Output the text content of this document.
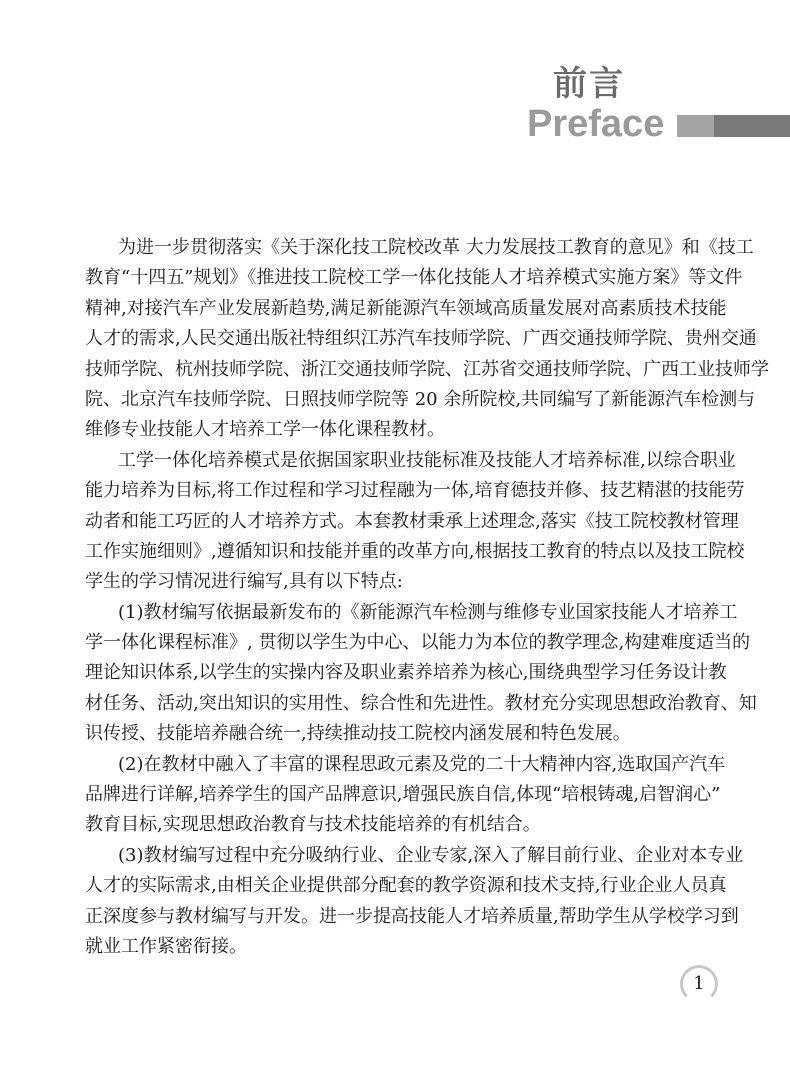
前言
Preface
为进一步贯彻落实《关于深化技工院校改革 大力发展技工教育的意见》和《技工
教育“十四五”规划》《推进技工院校工学一体化技能人才培养模式实施方案》等文件
精神,对接汽车产业发展新趋势,满足新能源汽车领域高质量发展对高素质技术技能
人才的需求,人民交通出版社特组织江苏汽车技师学院、广西交通技师学院、贵州交通
技师学院、杭州技师学院、浙江交通技师学院、江苏省交通技师学院、广西工业技师学
院、北京汽车技师学院、日照技师学院等 20 余所院校,共同编写了新能源汽车检测与
维修专业技能人才培养工学一体化课程教材。
工学一体化培养模式是依据国家职业技能标准及技能人才培养标准,以综合职业
能力培养为目标,将工作过程和学习过程融为一体,培育德技并修、技艺精湛的技能劳
动者和能工巧匠的人才培养方式。本套教材秉承上述理念,落实《技工院校教材管理
工作实施细则》,遵循知识和技能并重的改革方向,根据技工教育的特点以及技工院校
学生的学习情况进行编写,具有以下特点:
(1)教材编写依据最新发布的《新能源汽车检测与维修专业国家技能人才培养工
学一体化课程标准》, 贯彻以学生为中心、以能力为本位的教学理念,构建难度适当的
理论知识体系,以学生的实操内容及职业素养培养为核心,围绕典型学习任务设计教
材任务、活动,突出知识的实用性、综合性和先进性。教材充分实现思想政治教育、知
识传授、技能培养融合统一,持续推动技工院校内涵发展和特色发展。
(2)在教材中融入了丰富的课程思政元素及党的二十大精神内容,选取国产汽车
品牌进行详解,培养学生的国产品牌意识,增强民族自信,体现“培根铸魂,启智润心”
教育目标,实现思想政治教育与技术技能培养的有机结合。
(3)教材编写过程中充分吸纳行业、企业专家,深入了解目前行业、企业对本专业
人才的实际需求,由相关企业提供部分配套的教学资源和技术支持,行业企业人员真
正深度参与教材编写与开发。进一步提高技能人才培养质量,帮助学生从学校学习到
就业工作紧密衔接。
1
